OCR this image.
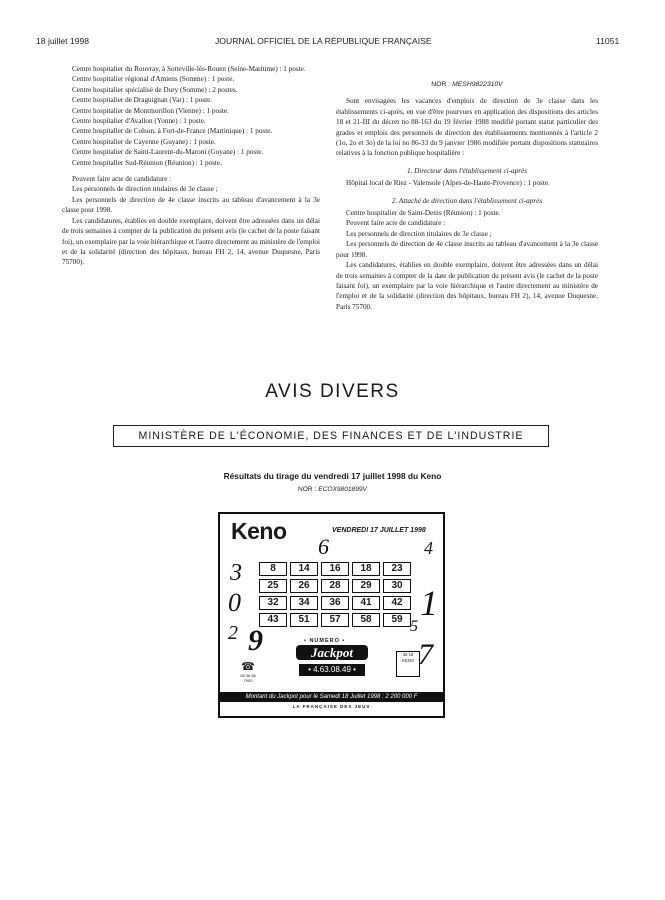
18 juillet 1998	JOURNAL OFFICIEL DE LA RÉPUBLIQUE FRANÇAISE	11051

Centre hospitalier du Rouvray, à Sotteville-lès-Rouen (Seine-Maritime) : 1 poste.

Centre hospitalier régional d'Amiens (Somme) : 1 poste.

Centre hospitalier spécialisé de Dury (Somme) : 2 postes.

Centre hospitalier de Draguignan (Var) : 1 poste.

Centre hospitalier de Montmorillon (Vienne) : 1 poste.

Centre hospitalier d'Avallon (Yonne) : 1 poste.

Centre hospitalier de Colson, à Fort-de-France (Martinique) : 1 poste.

Centre hospitalier de Cayenne (Guyane) : 1 poste.

Centre hospitalier de Saint-Laurent-du-Maroni (Guyane) : 1 poste.

Centre hospitalier Sud-Réunion (Réunion) : 1 poste.

Peuvent faire acte de candidature :

Les personnels de direction titulaires de 3e classe ;

Les personnels de direction de 4e classe inscrits au tableau d'avancement à la 3e classe pour 1998.

Les candidatures, établies en double exemplaire, doivent être adressées dans un délai de trois semaines à compter de la publication du présent avis (le cachet de la poste faisant foi), un exemplaire par la voie hiérarchique et l'autre directement au ministère de l'emploi et de la solidarité (direction des hôpitaux, bureau FH 2, 14, avenue Duquesne, Paris 75700).

NOR : MESH9822310V

Sont envisagées les vacances d'emplois de direction de 3e classe dans les établissements ci-après, en vue d'être pourvues en application des dispositions des articles 18 et 21-III du décret no 88-163 du 19 février 1988 modifié portant statut particulier des grades et emplois des personnels de direction des établissements mentionnés à l'article 2 (1o, 2o et 3o) de la loi no 86-33 du 9 janvier 1986 modifiée portant dispositions statutaires relatives à la fonction publique hospitalière :

1. Directeur dans l'établissement ci-après

Hôpital local de Riez - Valensole (Alpes-de-Haute-Provence) : 1 poste.

2. Attaché de direction dans l'établissement ci-après

Centre hospitalier de Saint-Denis (Réunion) : 1 poste.

Peuvent faire acte de candidature :

Les personnels de direction titulaires de 3e classe ;

Les personnels de direction de 4e classe inscrits au tableau d'avancement à la 3e classe pour 1998.

Les candidatures, établies en double exemplaire, doivent être adressées dans un délai de trois semaines à compter de la date de publication du présent avis (le cachet de la poste faisant foi), un exemplaire par la voie hiérarchique et l'autre directement au ministère de l'emploi et de la solidarité (direction des hôpitaux, bureau FH 2), 14, avenue Duquesne, Paris 75700.

AVIS DIVERS
MINISTÈRE DE L'ÉCONOMIE, DES FINANCES ET DE L'INDUSTRIE
Résultats du tirage du vendredi 17 juillet 1998 du Keno
NOR : ECOX9801899V
Keno	VENDREDI 17 JUILLET 1998
6	4
3
1
0
5
2 9	7
8	14	16	18	23
25	26	28	29	30
32	34	36	41	42
43	51	57	58	59
• NUMERO •
Jackpot
• 4.63.08.49 •
☎
08 36 66
7000
36 15
KENO
Montant du Jackpot pour le Samedi 18 Juillet 1998 : 2 200 000 F
LA FRANÇAISE DES JEUX
